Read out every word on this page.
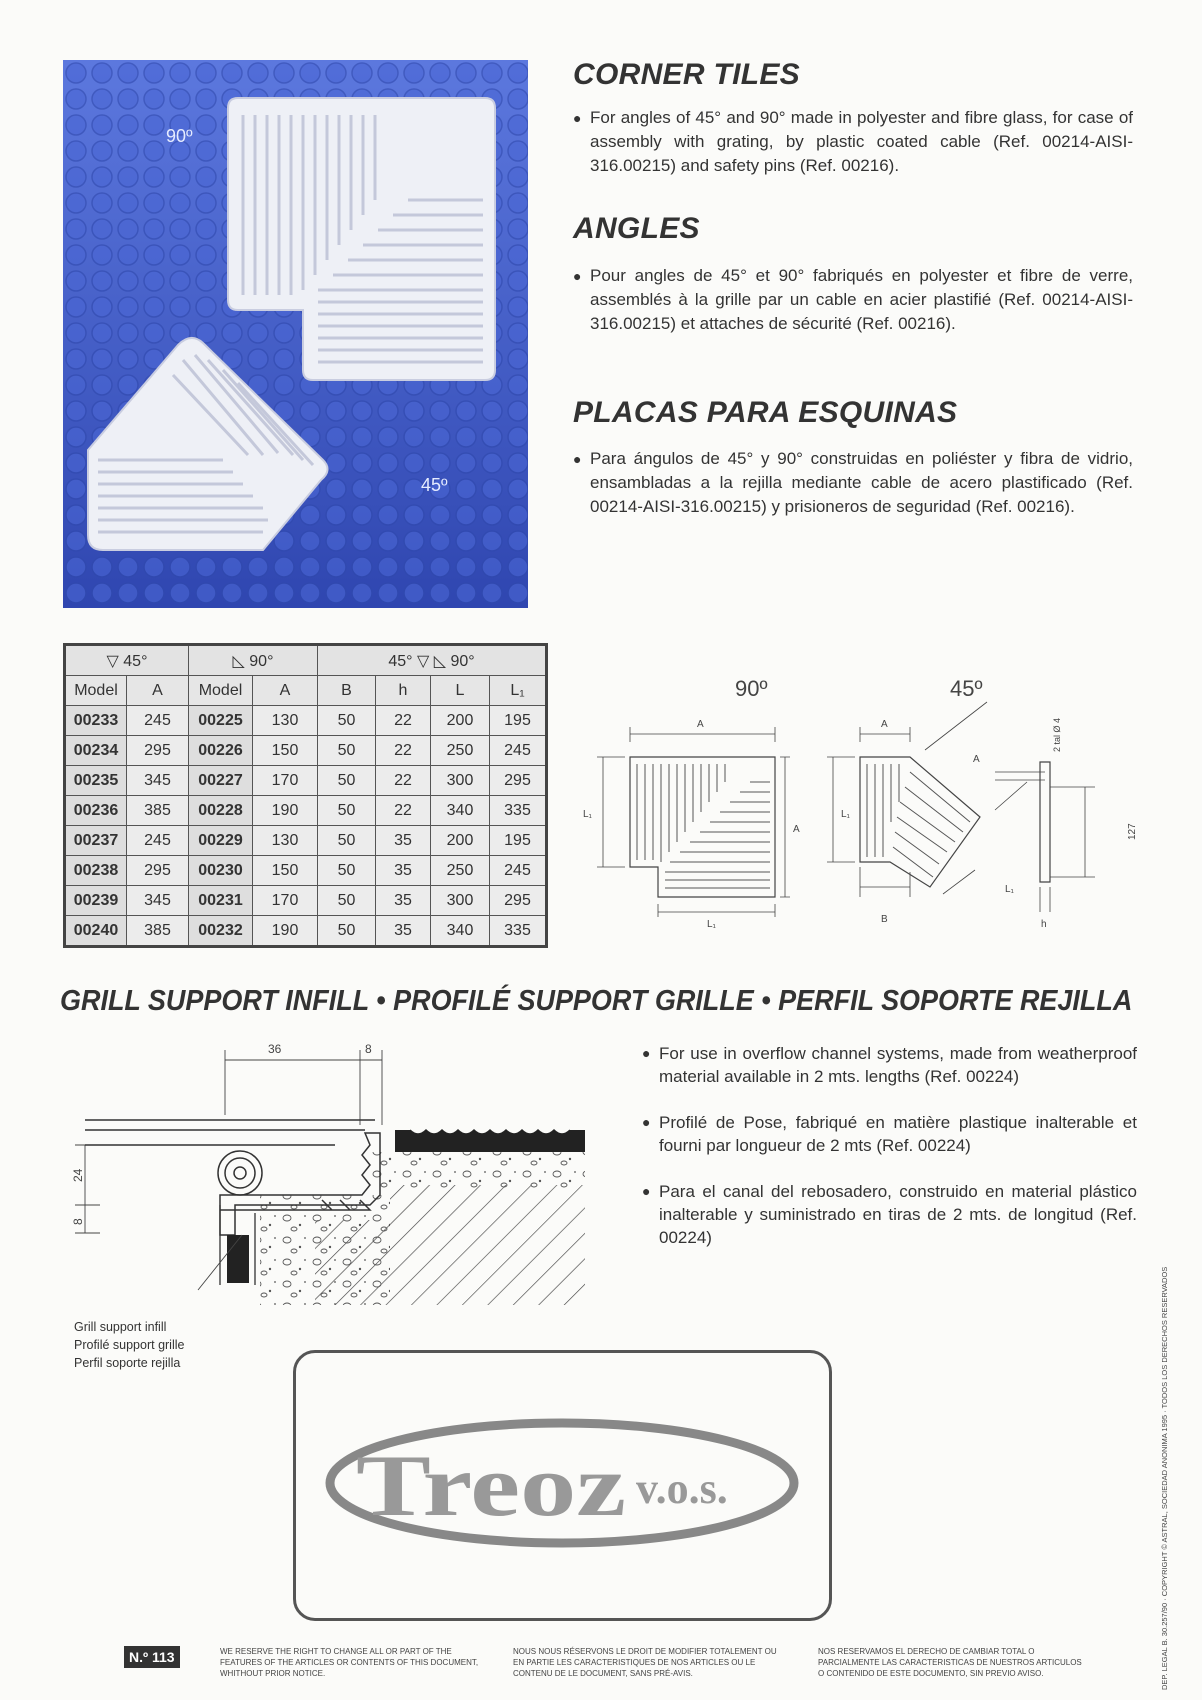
90º
45º
CORNER TILES
● For angles of 45° and 90° made in polyester and fibre glass, for case of assembly with grating, by plastic coated cable (Ref. 00214-AISI-316.00215) and safety pins (Ref. 00216).
ANGLES
● Pour angles de 45° et 90° fabriqués en polyester et fibre de verre, assemblés à la grille par un cable en acier plastifié (Ref. 00214-AISI-316.00215) et attaches de sécurité (Ref. 00216).
PLACAS PARA ESQUINAS
● Para ángulos de 45° y 90° construidas en poliéster y fibra de vidrio, ensambladas a la rejilla mediante cable de acero plastificado (Ref. 00214-AISI-316.00215) y prisioneros de seguridad (Ref. 00216).
▽ 45°		◺ 90°		45° ▽ ◺ 90°			
Model	A	Model	A	B	h	L	L₁
00233	245	00225	130	50	22	200	195
00234	295	00226	150	50	22	250	245
00235	345	00227	170	50	22	300	295
00236	385	00228	190	50	22	340	335
00237	245	00229	130	50	35	200	195
00238	295	00230	150	50	35	250	245
00239	345	00231	170	50	35	300	295
00240	385	00232	190	50	35	340	335
90º	45º
A
L₁
A
L₁
A
L₁
A
L₁
B	h
2 tal Ø 4
127
GRILL SUPPORT INFILL • PROFILÉ SUPPORT GRILLE • PERFIL SOPORTE REJILLA
● For use in overflow channel systems, made from weatherproof material available in 2 mts. lengths (Ref. 00224)
● Profilé de Pose, fabriqué en matière plastique inalterable et fourni par longueur de 2 mts (Ref. 00224)
● Para el canal del rebosadero, construido en material plástico inalterable y suministrado en tiras de 2 mts. de longitud (Ref. 00224)
36	8
24
8
Grill support infill
Profilé support grille
Perfil soporte rejilla
Treoz v.o.s.
N.º 113	WE RESERVE THE RIGHT TO CHANGE ALL OR PART OF THE FEATURES OF THE ARTICLES OR CONTENTS OF THIS DOCUMENT, WHITHOUT PRIOR NOTICE.
NOUS NOUS RÉSERVONS LE DROIT DE MODIFIER TOTALEMENT OU EN PARTIE LES CARACTERISTIQUES DE NOS ARTICLES OU LE CONTENU DE LE DOCUMENT, SANS PRÉ-AVIS.
NOS RESERVAMOS EL DERECHO DE CAMBIAR TOTAL O PARCIALMENTE LAS CARACTERISTICAS DE NUESTROS ARTICULOS O CONTENIDO DE ESTE DOCUMENTO, SIN PREVIO AVISO.	DEP. LEGAL B. 30.257/90 · COPYRIGHT © ASTRAL, SOCIEDAD ANONIMA 1995 · TODOS LOS DERECHOS RESERVADOS
